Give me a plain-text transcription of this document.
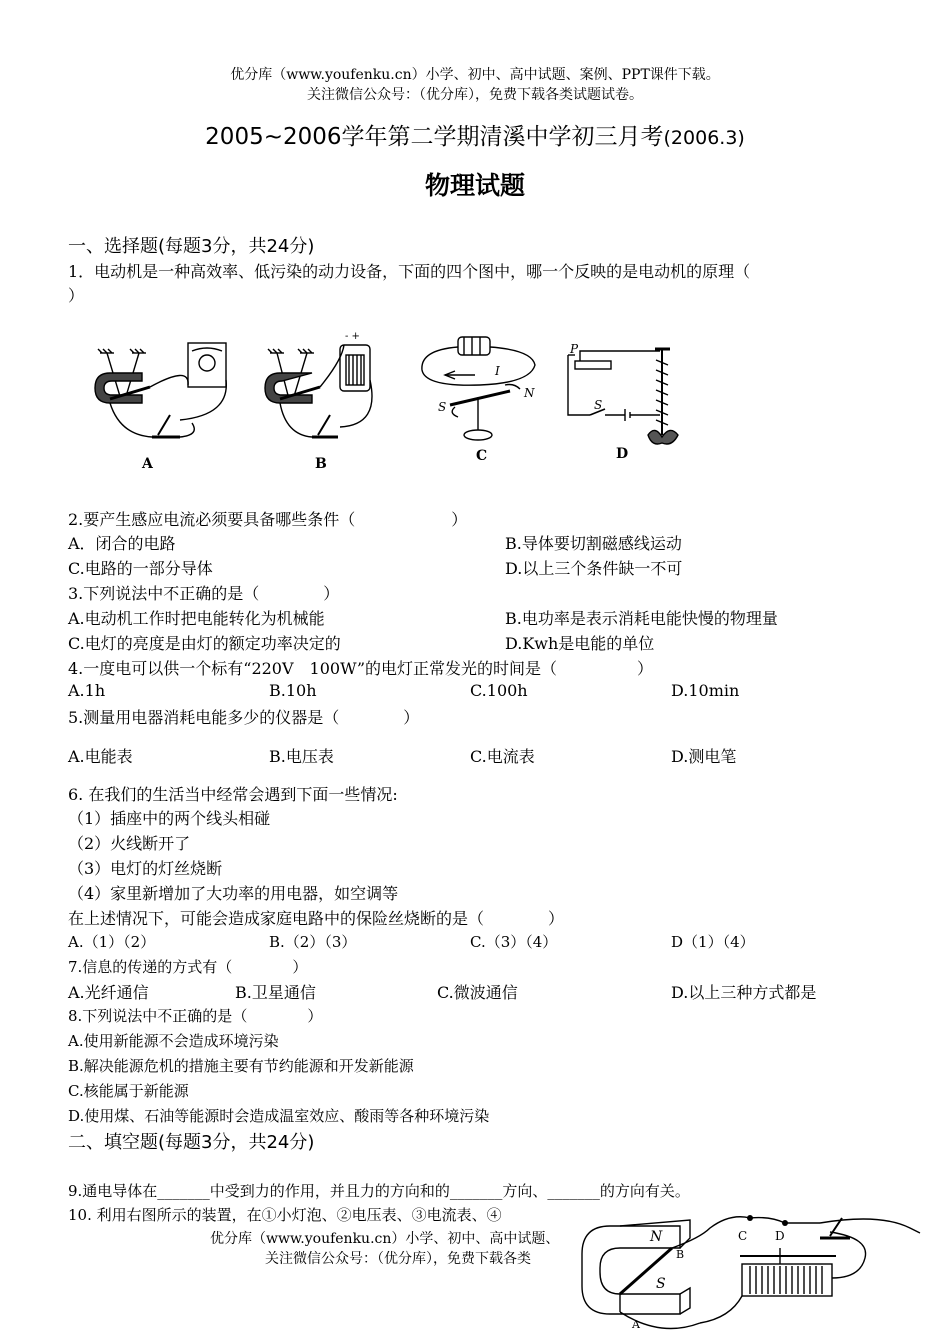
优分库（www.youfenku.cn）小学、初中、高中试题、案例、PPT课件下载。
关注微信公众号：（优分库），免费下载各类试题试卷。
2005~2006学年第二学期清溪中学初三月考(2006.3)
物理试题
一、选择题(每题3分，共24分)
1．电动机是一种高效率、低污染的动力设备，下面的四个图中，哪一个反映的是电动机的原理（
）
A
- +
B
I
N
S
C
P
S
D
2.要产生感应电流必须要具备哪些条件（　　　　　　）
A．闭合的电路	B.导体要切割磁感线运动
C.电路的一部分导体	D.以上三个条件缺一不可
3.下列说法中不正确的是（　　　　）
A.电动机工作时把电能转化为机械能	B.电功率是表示消耗电能快慢的物理量
C.电灯的亮度是由灯的额定功率决定的	D.Kwh是电能的单位
4.一度电可以供一个标有“220V　100W”的电灯正常发光的时间是（　　　　　）
A.1h	B.10h	C.100h	D.10min
5.测量用电器消耗电能多少的仪器是（　　　　）
A.电能表	B.电压表	C.电流表	D.测电笔
6. 在我们的生活当中经常会遇到下面一些情况:
（1）插座中的两个线头相碰
（2）火线断开了
（3）电灯的灯丝烧断
（4）家里新增加了大功率的用电器，如空调等
在上述情况下，可能会造成家庭电路中的保险丝烧断的是（　　　　）
A.（1）（2）	B.（2）（3）	C.（3）（4）	D（1）（4）
7.信息的传递的方式有（　　　　）
A.光纤通信	B.卫星通信	C.微波通信	D.以上三种方式都是
8.下列说法中不正确的是（　　　　）
A.使用新能源不会造成环境污染
B.解决能源危机的措施主要有节约能源和开发新能源
C.核能属于新能源
D.使用煤、石油等能源时会造成温室效应、酸雨等各种环境污染
二、填空题(每题3分，共24分)
9.通电导体在_______中受到力的作用，并且力的方向和的_______方向、_______的方向有关。
10. 利用右图所示的装置，在①小灯泡、②电压表、③电流表、④
N
S
A
B
C D
优分库（www.youfenku.cn）小学、初中、高中试题、
关注微信公众号：（优分库），免费下载各类
